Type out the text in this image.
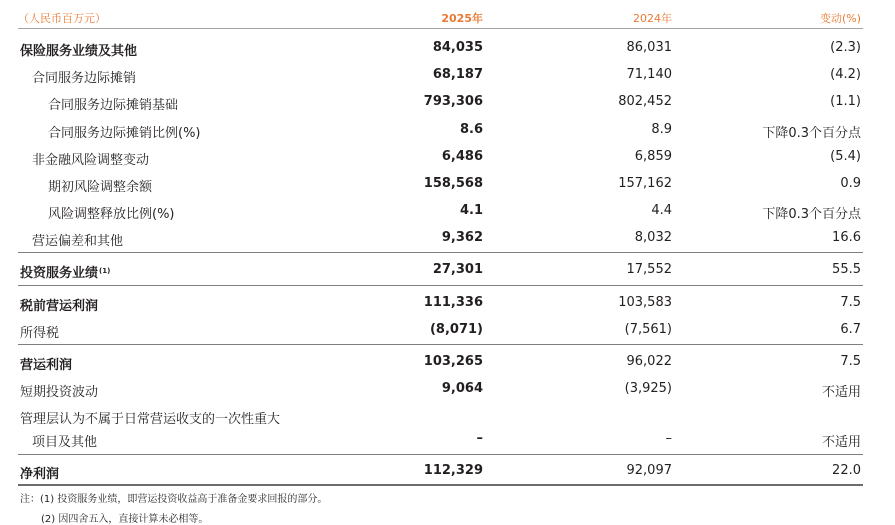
（人民币百万元）	2025年	2024年	变动(%)
保险服务业绩及其他	84,035	86,031	(2.3)
合同服务边际摊销	68,187	71,140	(4.2)
合同服务边际摊销基础	793,306	802,452	(1.1)
合同服务边际摊销比例(%)	8.6	8.9	下降0.3个百分点
非金融风险调整变动	6,486	6,859	(5.4)
期初风险调整余额	158,568	157,162	0.9
风险调整释放比例(%)	4.1	4.4	下降0.3个百分点
营运偏差和其他	9,362	8,032	16.6
投资服务业绩$^{(1)}$	27,301	17,552	55.5
税前营运利润	111,336	103,583	7.5
所得税	(8,071)	(7,561)	6.7
营运利润	103,265	96,022	7.5
短期投资波动	9,064	(3,925)	不适用
管理层认为不属于日常营运收支的一次性重大
项目及其他	–	–	不适用
净利润	112,329	92,097	22.0
注：(1) 投资服务业绩，即营运投资收益高于准备金要求回报的部分。
(2) 因四舍五入，直接计算未必相等。
